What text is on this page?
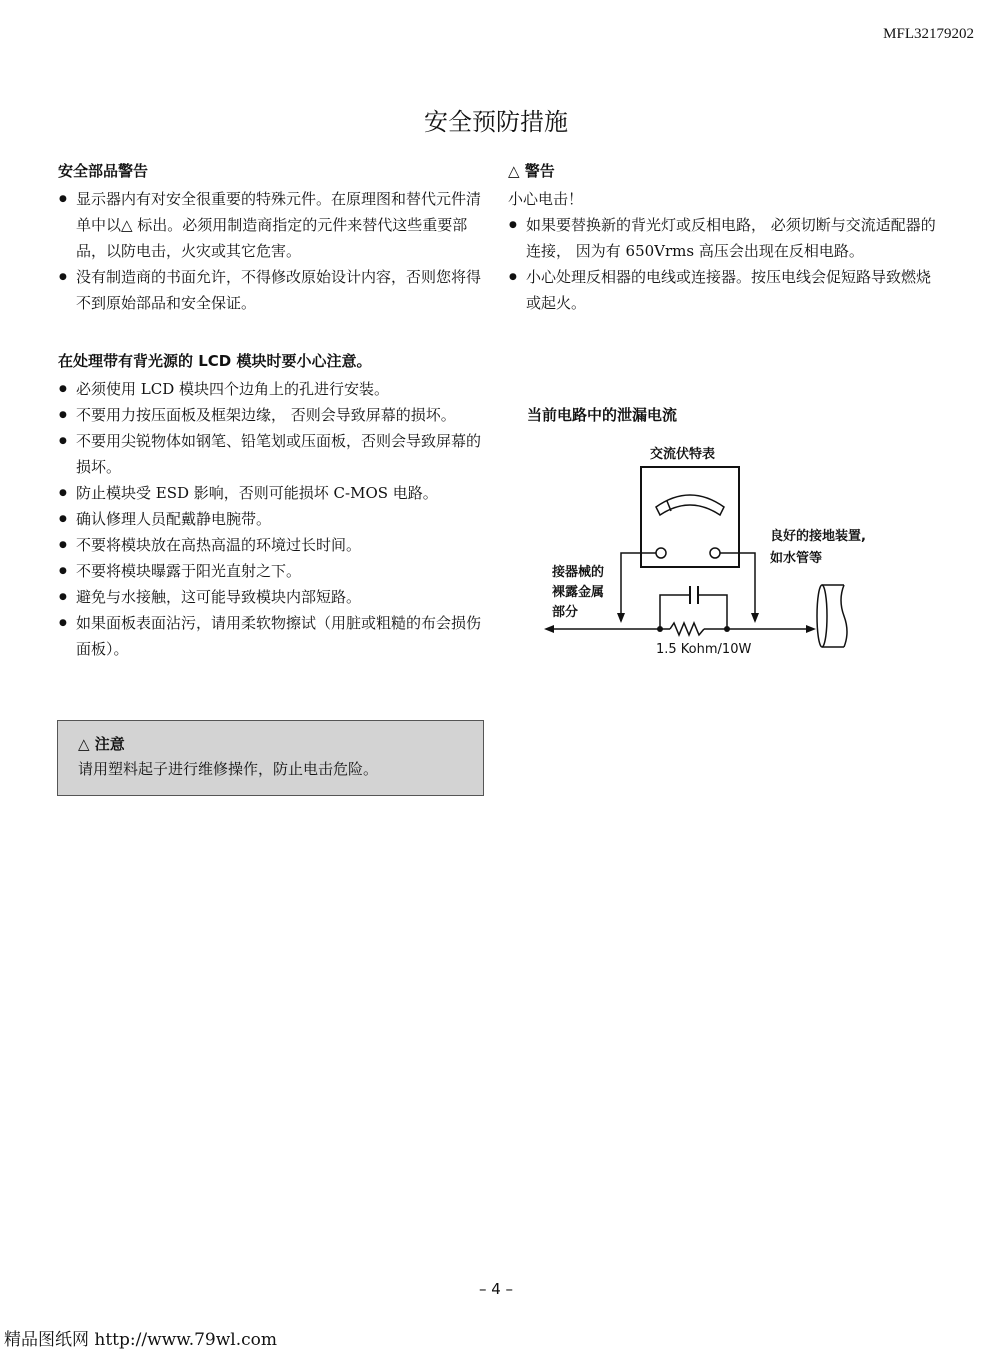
MFL32179202
安全预防措施
安全部品警告
● 显示器内有对安全很重要的特殊元件。在原理图和替代元件清单中以△ 标出。必须用制造商指定的元件来替代这些重要部品，以防电击，火灾或其它危害。
● 没有制造商的书面允许，不得修改原始设计内容，否则您将得不到原始部品和安全保证。
在处理带有背光源的 LCD 模块时要小心注意。
● 必须使用 LCD 模块四个边角上的孔进行安装。
● 不要用力按压面板及框架边缘， 否则会导致屏幕的损坏。
● 不要用尖锐物体如钢笔、铅笔划或压面板，否则会导致屏幕的损坏。
● 防止模块受 ESD 影响，否则可能损坏 C-MOS 电路。
● 确认修理人员配戴静电腕带。
● 不要将模块放在高热高温的环境过长时间。
● 不要将模块曝露于阳光直射之下。
● 避免与水接触，这可能导致模块内部短路。
● 如果面板表面沾污，请用柔软物擦试（用脏或粗糙的布会损伤面板）。
△ 注意
请用塑料起子进行维修操作，防止电击危险。
△ 警告
小心电击！
● 如果要替换新的背光灯或反相电路， 必须切断与交流适配器的连接， 因为有 650Vrms 高压会出现在反相电路。
● 小心处理反相器的电线或连接器。按压电线会促短路导致燃烧或起火。
当前电路中的泄漏电流
交流伏特表
1.5 Kohm/10W
接器械的
裸露金属
部分
良好的接地装置,
如水管等
– 4 –
精品图纸网 http://www.79wl.com
